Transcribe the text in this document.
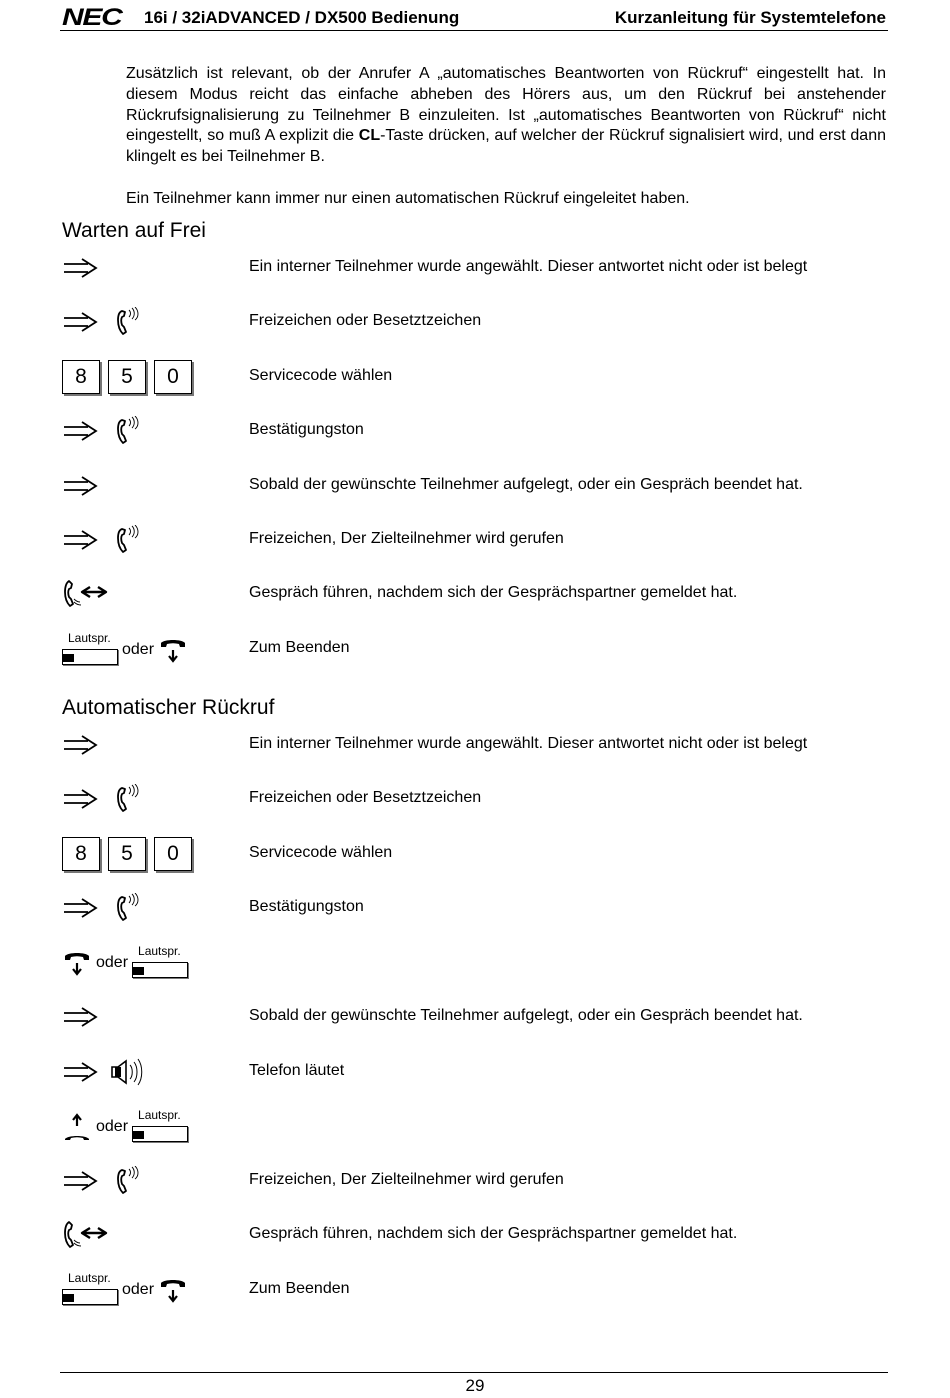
NEC 16i / 32iADVANCED / DX500 Bedienung	Kurzanleitung für Systemtelefone

Zusätzlich ist relevant, ob der Anrufer A „automatisches Beantworten von Rückruf“ eingestellt hat. In diesem Modus reicht das einfache abheben des Hörers aus, um den Rückruf bei anstehender Rückrufsignalisierung zu Teilnehmer B einzuleiten. Ist „automatisches Beantworten von Rückruf“ nicht eingestellt, so muß A explizit die CL-Taste drücken, auf welcher der Rückruf signalisiert wird, und erst dann klingelt es bei Teilnehmer B.

Ein Teilnehmer kann immer nur einen automatischen Rückruf eingeleitet haben.

Warten auf Frei
Ein interner Teilnehmer wurde angewählt. Dieser antwortet nicht oder ist belegt
Freizeichen oder Besetztzeichen
8	5	0	Servicecode wählen
Bestätigungston
Sobald der gewünschte Teilnehmer aufgelegt, oder ein Gespräch beendet hat.
Freizeichen, Der Zielteilnehmer wird gerufen
Gespräch führen, nachdem sich der Gesprächspartner gemeldet hat.
Lautspr.
oder	Zum Beenden
Automatischer Rückruf
Ein interner Teilnehmer wurde angewählt. Dieser antwortet nicht oder ist belegt
Freizeichen oder Besetztzeichen
8	5	0	Servicecode wählen
Bestätigungston
oder
Lautspr.
Sobald der gewünschte Teilnehmer aufgelegt, oder ein Gespräch beendet hat.
Telefon läutet
oder
Lautspr.
Freizeichen, Der Zielteilnehmer wird gerufen
Gespräch führen, nachdem sich der Gesprächspartner gemeldet hat.
Lautspr.
oder	Zum Beenden
29
